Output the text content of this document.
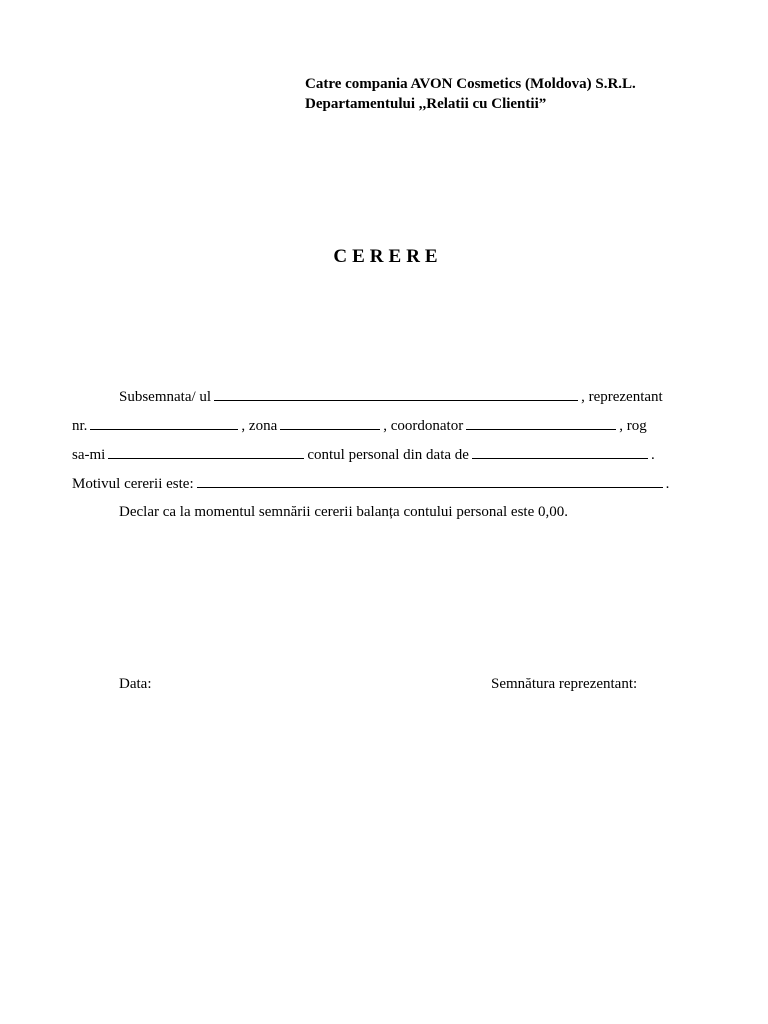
Catre compania AVON Cosmetics (Moldova) S.R.L.
Departamentului ,,Relatii cu Clientii”
CERERE
Subsemnata/ ul	, reprezentant
nr.	, zona	, coordonator	, rog
sa-mi	contul personal din data de	.
Motivul cererii este:	.
Declar ca la momentul semnării cererii balanța contului personal este 0,00.
Data:	Semnătura reprezentant:
